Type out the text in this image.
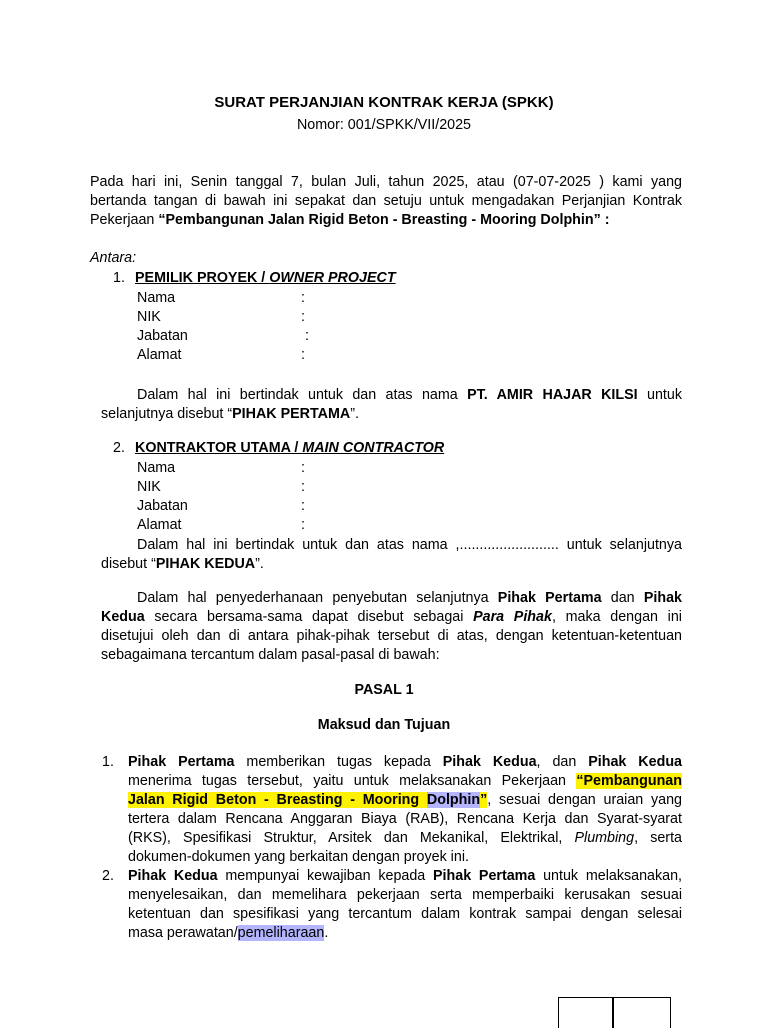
SURAT PERJANJIAN KONTRAK KERJA (SPKK)
Nomor: 001/SPKK/VII/2025
Pada hari ini, Senin tanggal 7, bulan Juli, tahun 2025, atau (07-07-2025 ) kami yang
bertanda tangan di bawah ini sepakat dan setuju untuk mengadakan Perjanjian Kontrak
Pekerjaan “Pembangunan Jalan Rigid Beton - Breasting - Mooring Dolphin” :
Antara:
1. PEMILIK PROYEK / OWNER PROJECT
Nama	:
NIK	:
Jabatan	:
Alamat	:
Dalam hal ini bertindak untuk dan atas nama PT. AMIR HAJAR KILSI untuk
selanjutnya disebut “PIHAK PERTAMA”.
2. KONTRAKTOR UTAMA / MAIN CONTRACTOR
Nama	:
NIK	:
Jabatan	:
Alamat	:
Dalam hal ini bertindak untuk dan atas nama ,......................... untuk selanjutnya
disebut “PIHAK KEDUA”.
Dalam hal penyederhanaan penyebutan selanjutnya Pihak Pertama dan Pihak
Kedua secara bersama-sama dapat disebut sebagai Para Pihak, maka dengan ini
disetujui oleh dan di antara pihak-pihak tersebut di atas, dengan ketentuan-ketentuan
sebagaimana tercantum dalam pasal-pasal di bawah:
PASAL 1
Maksud dan Tujuan
1. Pihak Pertama memberikan tugas kepada Pihak Kedua, dan Pihak Kedua
menerima tugas tersebut, yaitu untuk melaksanakan Pekerjaan “Pembangunan
Jalan Rigid Beton - Breasting - Mooring Dolphin”, sesuai dengan uraian yang
tertera dalam Rencana Anggaran Biaya (RAB), Rencana Kerja dan Syarat-syarat
(RKS), Spesifikasi Struktur, Arsitek dan Mekanikal, Elektrikal, Plumbing, serta
dokumen-dokumen yang berkaitan dengan proyek ini.
2. Pihak Kedua mempunyai kewajiban kepada Pihak Pertama untuk melaksanakan,
menyelesaikan, dan memelihara pekerjaan serta memperbaiki kerusakan sesuai
ketentuan dan spesifikasi yang tercantum dalam kontrak sampai dengan selesai
masa perawatan/pemeliharaan.
